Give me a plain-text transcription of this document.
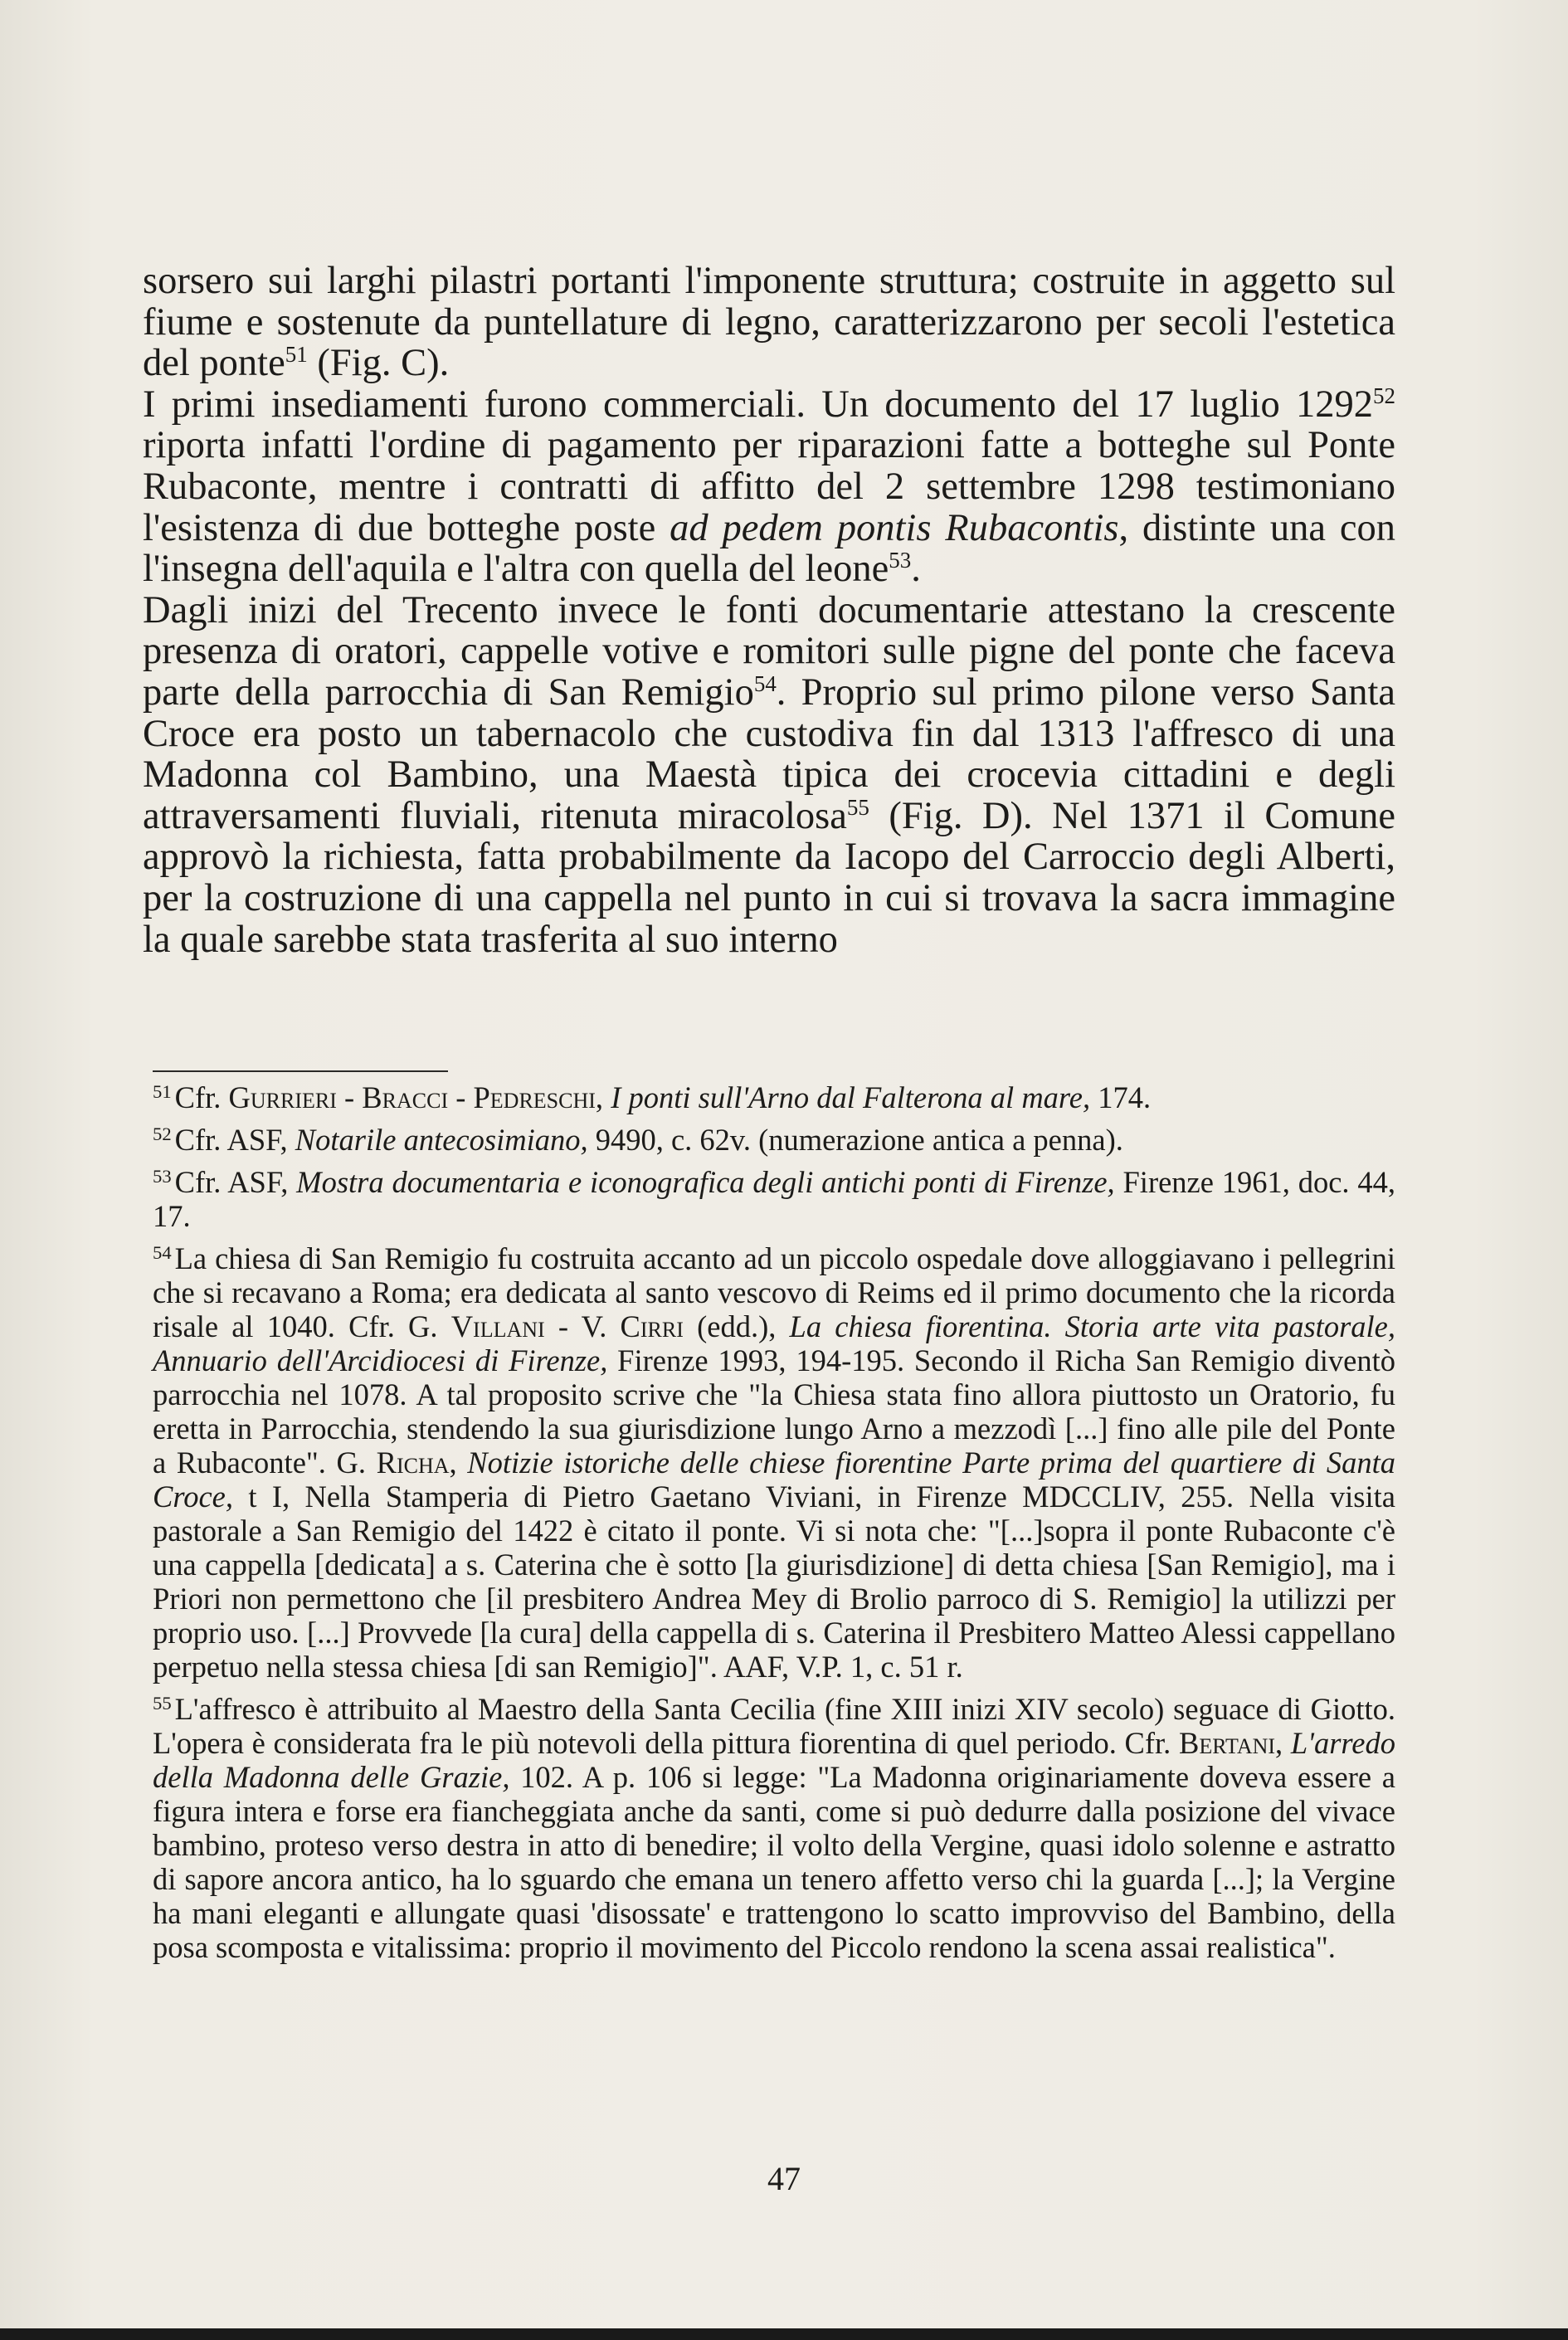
sorsero sui larghi pilastri portanti l'imponente struttura; costruite in aggetto sul fiume e sostenute da puntellature di legno, caratterizzarono per secoli l'estetica del ponte$^{51}$ (Fig. C).

I primi insediamenti furono commerciali. Un documento del 17 luglio 1292$^{52}$ riporta infatti l'ordine di pagamento per riparazioni fatte a botteghe sul Ponte Rubaconte, mentre i contratti di affitto del 2 settembre 1298 testimoniano l'esistenza di due botteghe poste ad pedem pontis Rubacontis, distinte una con l'insegna dell'aquila e l'altra con quella del leone$^{53}$.

Dagli inizi del Trecento invece le fonti documentarie attestano la crescente presenza di oratori, cappelle votive e romitori sulle pigne del ponte che faceva parte della parrocchia di San Remigio$^{54}$. Proprio sul primo pilone verso Santa Croce era posto un tabernacolo che custodiva fin dal 1313 l'affresco di una Madonna col Bambino, una Maestà tipica dei crocevia cittadini e degli attraversamenti fluviali, ritenuta miracolosa$^{55}$ (Fig. D). Nel 1371 il Comune approvò la richiesta, fatta probabilmente da Iacopo del Carroccio degli Alberti, per la costruzione di una cappella nel punto in cui si trovava la sacra immagine la quale sarebbe stata trasferita al suo interno

$^{51}$ Cfr. Gurrieri - Bracci - Pedreschi, I ponti sull'Arno dal Falterona al mare, 174.

$^{52}$ Cfr. ASF, Notarile antecosimiano, 9490, c. 62v. (numerazione antica a penna).

$^{53}$ Cfr. ASF, Mostra documentaria e iconografica degli antichi ponti di Firenze, Firenze 1961, doc. 44, 17.

$^{54}$ La chiesa di San Remigio fu costruita accanto ad un piccolo ospedale dove alloggiavano i pellegrini che si recavano a Roma; era dedicata al santo vescovo di Reims ed il primo documento che la ricorda risale al 1040. Cfr. G. Villani - V. Cirri (edd.), La chiesa fiorentina. Storia arte vita pastorale, Annuario dell'Arcidiocesi di Firenze, Firenze 1993, 194-195. Secondo il Richa San Remigio diventò parrocchia nel 1078. A tal proposito scrive che "la Chiesa stata fino allora piuttosto un Oratorio, fu eretta in Parrocchia, stendendo la sua giurisdizione lungo Arno a mezzodì [...] fino alle pile del Ponte a Rubaconte". G. Richa, Notizie istoriche delle chiese fiorentine Parte prima del quartiere di Santa Croce, t I, Nella Stamperia di Pietro Gaetano Viviani, in Firenze MDCCLIV, 255. Nella visita pastorale a San Remigio del 1422 è citato il ponte. Vi si nota che: "[...]sopra il ponte Rubaconte c'è una cappella [dedicata] a s. Caterina che è sotto [la giurisdizione] di detta chiesa [San Remigio], ma i Priori non permettono che [il presbitero Andrea Mey di Brolio parroco di S. Remigio] la utilizzi per proprio uso. [...] Provvede [la cura] della cappella di s. Caterina il Presbitero Matteo Alessi cappellano perpetuo nella stessa chiesa [di san Remigio]". AAF, V.P. 1, c. 51 r.

$^{55}$ L'affresco è attribuito al Maestro della Santa Cecilia (fine XIII inizi XIV secolo) seguace di Giotto. L'opera è considerata fra le più notevoli della pittura fiorentina di quel periodo. Cfr. Bertani, L'arredo della Madonna delle Grazie, 102. A p. 106 si legge: "La Madonna originariamente doveva essere a figura intera e forse era fiancheggiata anche da santi, come si può dedurre dalla posizione del vivace bambino, proteso verso destra in atto di benedire; il volto della Vergine, quasi idolo solenne e astratto di sapore ancora antico, ha lo sguardo che emana un tenero affetto verso chi la guarda [...]; la Vergine ha mani eleganti e allungate quasi 'disossate' e trattengono lo scatto improvviso del Bambino, della posa scomposta e vitalissima: proprio il movimento del Piccolo rendono la scena assai realistica".

47
